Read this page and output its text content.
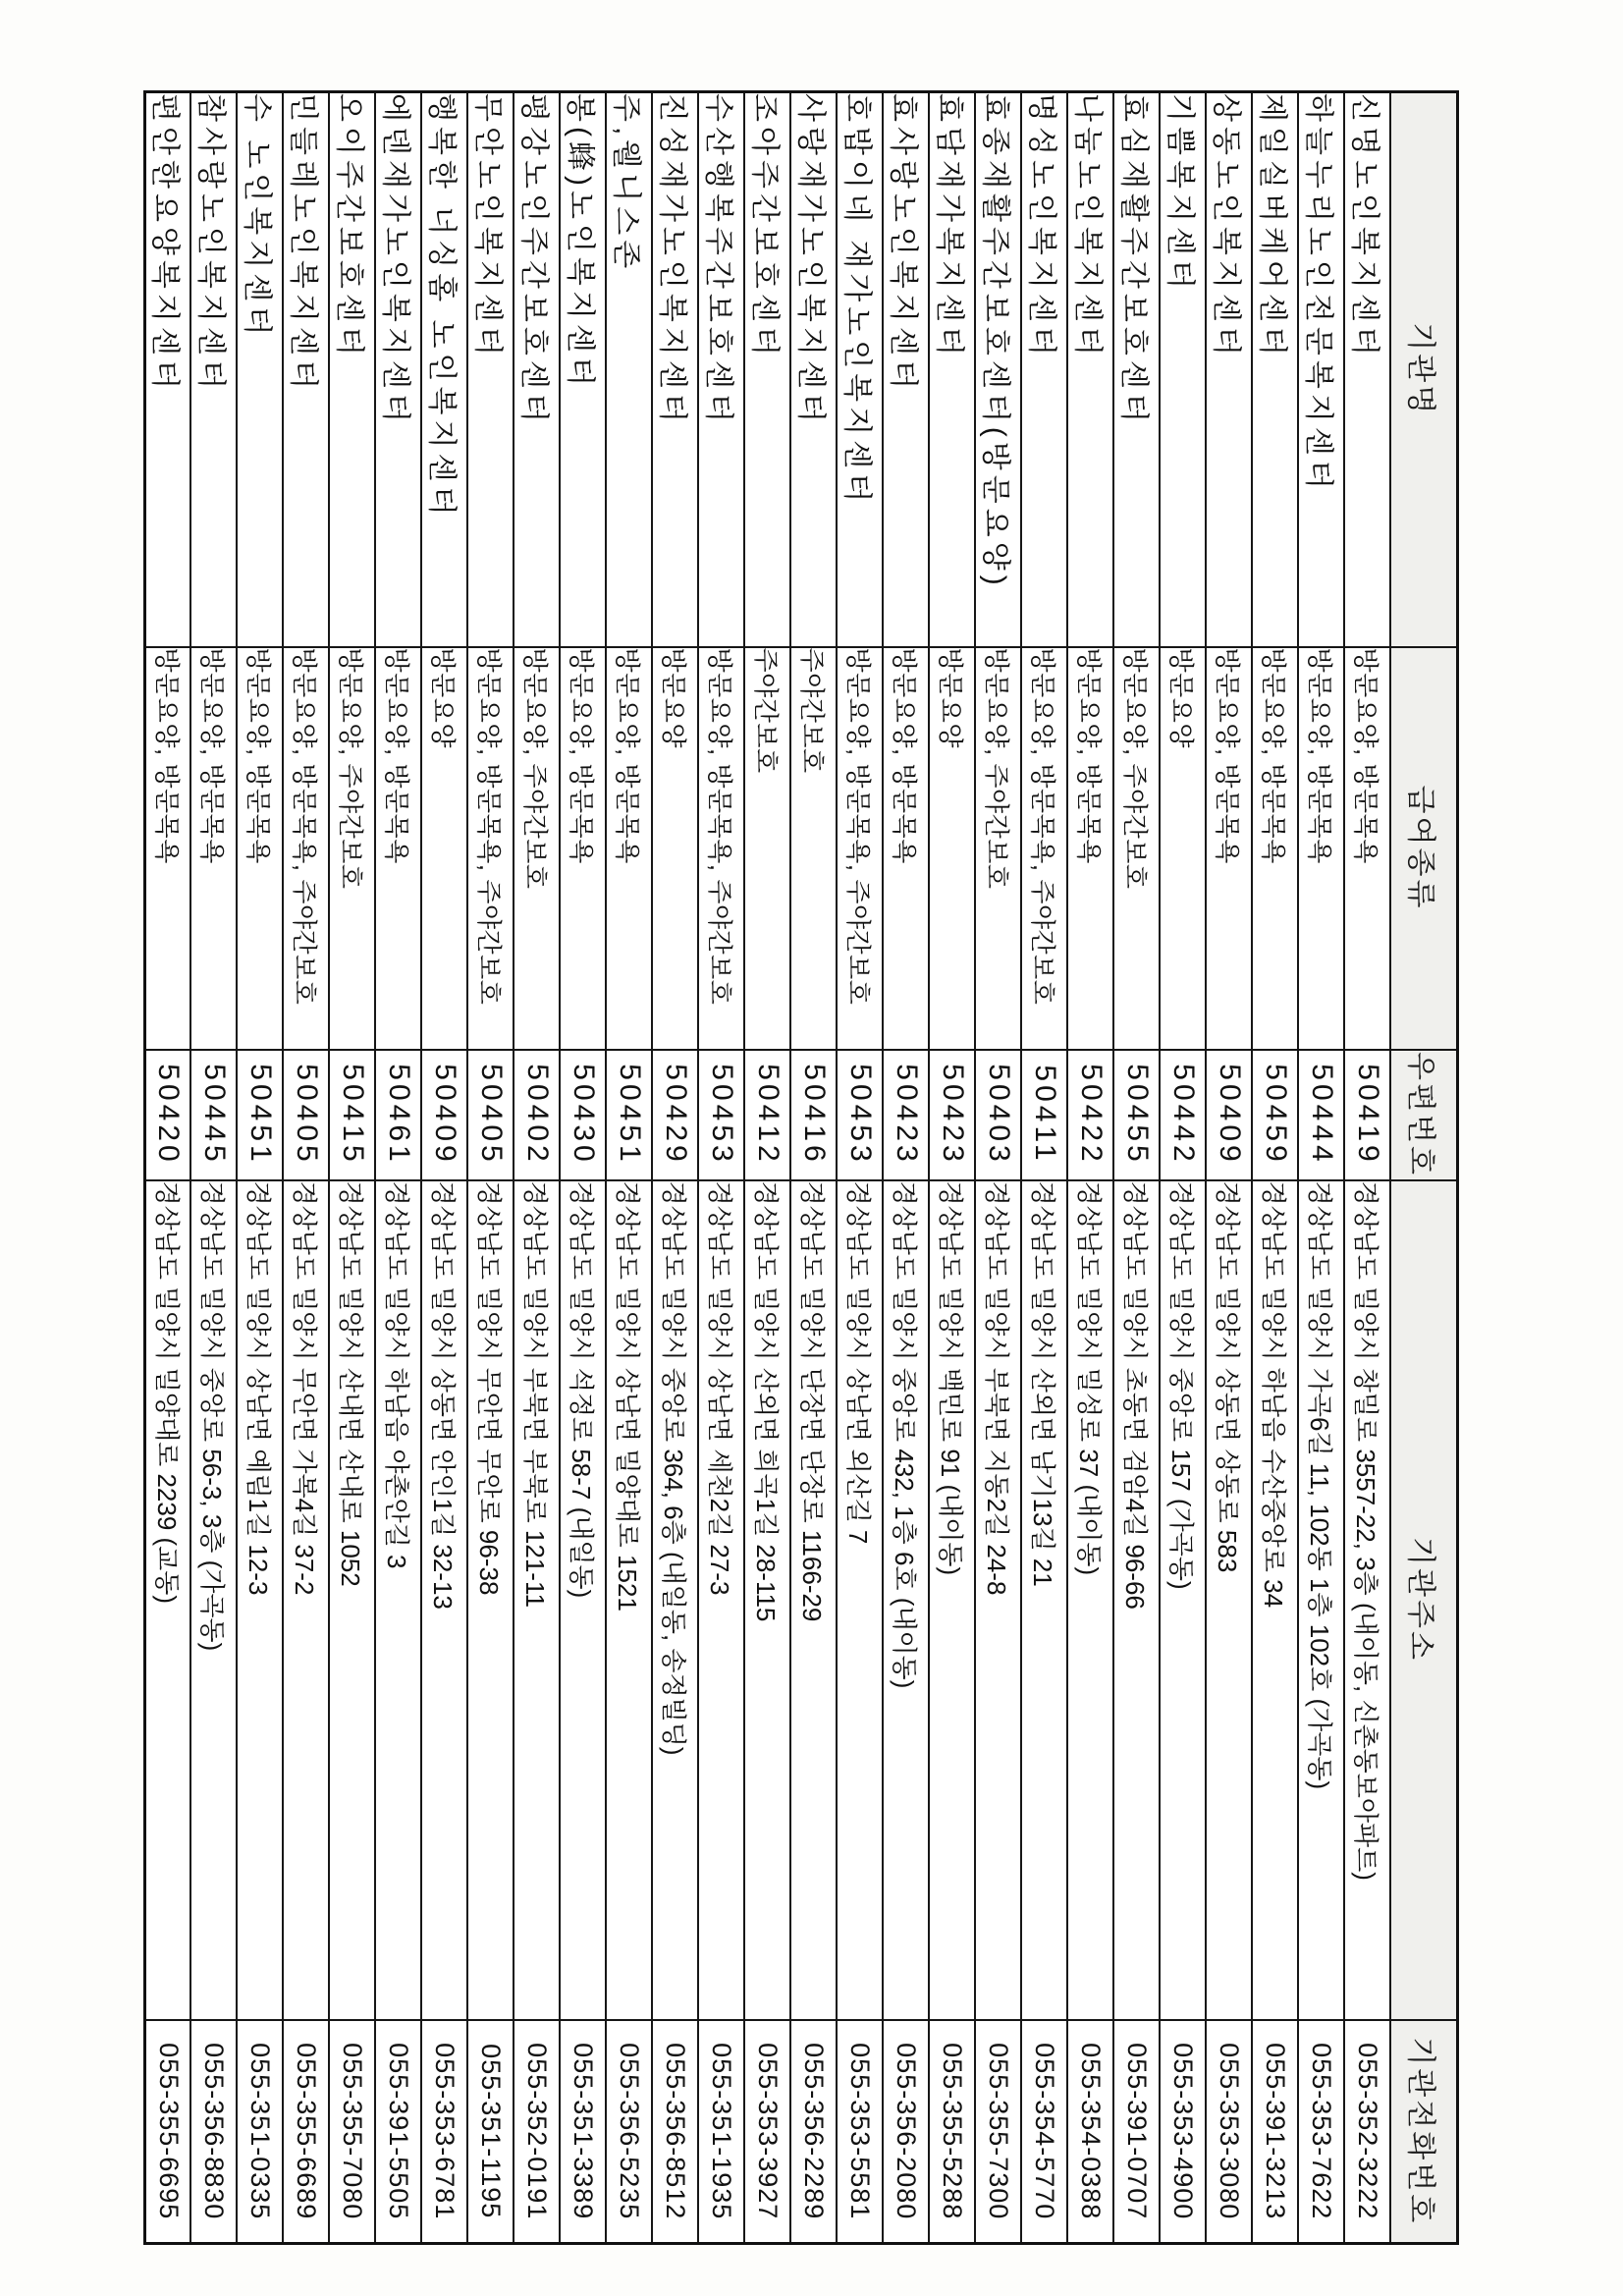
기관명	급여종류	우편번호	기관주소	기관전화번호
신명노인복지센터	방문요양, 방문목욕	50419	경상남도 밀양시 창밀로 3557-22, 3층 (내이동, 신촌동보아파트)	055-352-3222
하늘누리노인전문복지센터	방문요양, 방문목욕	50444	경상남도 밀양시 가곡6길 11, 102동 1층 102호 (가곡동)	055-353-7622
제일실버케어센터	방문요양, 방문목욕	50459	경상남도 밀양시 하남읍 수산중앙로 34	055-391-3213
상동노인복지센터	방문요양, 방문목욕	50409	경상남도 밀양시 상동면 상동로 583	055-353-3080
기쁨복지센터	방문요양	50442	경상남도 밀양시 중앙로 157 (가곡동)	055-353-4900
효심재활주간보호센터	방문요양, 주야간보호	50455	경상남도 밀양시 초동면 검암4길 96-66	055-391-0707
나눔노인복지센터	방문요양, 방문목욕	50422	경상남도 밀양시 밀성로 37 (내이동)	055-354-0388
명성노인복지센터	방문요양, 방문목욕, 주야간보호	50411	경상남도 밀양시 산외면 남기13길 21	055-354-5770
효종재활주간보호센터(방문요양)	방문요양, 주야간보호	50403	경상남도 밀양시 부북면 지동2길 24-8	055-355-7300
효담재가복지센터	방문요양	50423	경상남도 밀양시 백민로 91 (내이동)	055-355-5288
효사랑노인복지센터	방문요양, 방문목욕	50423	경상남도 밀양시 중앙로 432, 1층 6호 (내이동)	055-356-2080
호밥이네 재가노인복지센터	방문요양, 방문목욕, 주야간보호	50453	경상남도 밀양시 상남면 외산길 7	055-353-5581
사랑재가노인복지센터	주야간보호	50416	경상남도 밀양시 단장면 단장로 1166-29	055-356-2289
조아주간보호센터	주야간보호	50412	경상남도 밀양시 산외면 희곡1길 28-115	055-353-3927
수산행복주간보호센터	방문요양, 방문목욕, 주야간보호	50453	경상남도 밀양시 상남면 세천2길 27-3	055-351-1935
진성재가노인복지센터	방문요양	50429	경상남도 밀양시 중앙로 364, 6층 (내일동, 송정빌딩)	055-356-8512
주,웰니스존	방문요양, 방문목욕	50451	경상남도 밀양시 상남면 밀양대로 1521	055-356-5235
봉(蜂)노인복지센터	방문요양, 방문목욕	50430	경상남도 밀양시 석정로 58-7 (내일동)	055-351-3389
평강노인주간보호센터	방문요양, 주야간보호	50402	경상남도 밀양시 부북면 부북로 121-11	055-352-0191
무안노인복지센터	방문요양, 방문목욕, 주야간보호	50405	경상남도 밀양시 무안면 무안로 96-38	055-351-1195
행복한 너싱홈 노인복지센터	방문요양	50409	경상남도 밀양시 상동면 안인1길 32-13	055-353-6781
에덴재가노인복지센터	방문요양, 방문목욕	50461	경상남도 밀양시 하남읍 야촌안길 3	055-391-5505
오이주간보호센터	방문요양, 주야간보호	50415	경상남도 밀양시 산내면 산내로 1052	055-355-7080
민들레노인복지센터	방문요양, 방문목욕, 주야간보호	50405	경상남도 밀양시 무안면 가복4길 37-2	055-355-6689
수 노인복지센터	방문요양, 방문목욕	50451	경상남도 밀양시 상남면 예림1길 12-3	055-351-0335
참사랑노인복지센터	방문요양, 방문목욕	50445	경상남도 밀양시 중앙로 56-3, 3층 (가곡동)	055-356-8830
편안한요양복지센터	방문요양, 방문목욕	50420	경상남도 밀양시 밀양대로 2239 (교동)	055-355-6695
